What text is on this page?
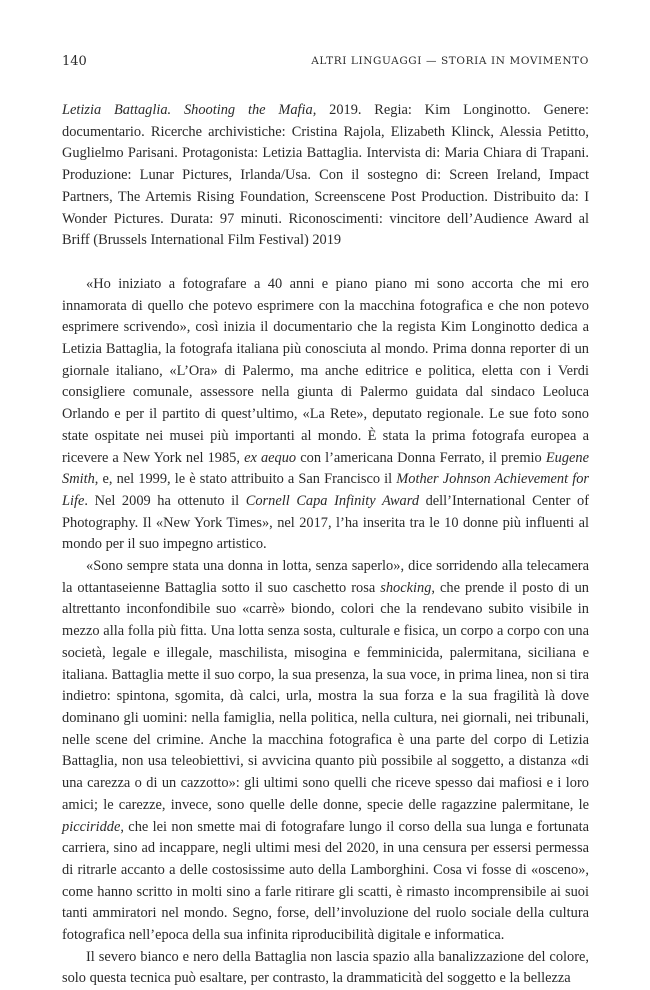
140	ALTRI LINGUAGGI — STORIA IN MOVIMENTO

Letizia Battaglia. Shooting the Mafia, 2019. Regia: Kim Longinotto. Genere: documentario. Ricerche archivistiche: Cristina Rajola, Elizabeth Klinck, Alessia Petitto, Guglielmo Parisani. Protagonista: Letizia Battaglia. Intervista di: Maria Chiara di Trapani. Produzione: Lunar Pictures, Irlanda/Usa. Con il sostegno di: Screen Ireland, Impact Partners, The Artemis Rising Foundation, Screenscene Post Production. Distribuito da: I Wonder Pictures. Durata: 97 minuti. Riconoscimenti: vincitore dell’Audience Award al Briff (Brussels International Film Festival) 2019

«Ho iniziato a fotografare a 40 anni e piano piano mi sono accorta che mi ero innamorata di quello che potevo esprimere con la macchina fotografica e che non potevo esprimere scrivendo», così inizia il documentario che la regista Kim Longinotto dedica a Letizia Battaglia, la fotografa italiana più conosciuta al mondo. Prima donna reporter di un giornale italiano, «L’Ora» di Palermo, ma anche editrice e politica, eletta con i Verdi consigliere comunale, assessore nella giunta di Palermo guidata dal sindaco Leoluca Orlando e per il partito di quest’ultimo, «La Rete», deputato regionale. Le sue foto sono state ospitate nei musei più importanti al mondo. È stata la prima fotografa europea a ricevere a New York nel 1985, ex aequo con l’americana Donna Ferrato, il premio Eugene Smith, e, nel 1999, le è stato attribuito a San Francisco il Mother Johnson Achievement for Life. Nel 2009 ha ottenuto il Cornell Capa Infinity Award dell’International Center of Photography. Il «New York Times», nel 2017, l’ha inserita tra le 10 donne più influenti al mondo per il suo impegno artistico.

«Sono sempre stata una donna in lotta, senza saperlo», dice sorridendo alla telecamera la ottantaseienne Battaglia sotto il suo caschetto rosa shocking, che prende il posto di un altrettanto inconfondibile suo «carrè» biondo, colori che la rendevano subito visibile in mezzo alla folla più fitta. Una lotta senza sosta, culturale e fisica, un corpo a corpo con una società, legale e illegale, maschilista, misogina e femminicida, palermitana, siciliana e italiana. Battaglia mette il suo corpo, la sua presenza, la sua voce, in prima linea, non si tira indietro: spintona, sgomita, dà calci, urla, mostra la sua forza e la sua fragilità là dove dominano gli uomini: nella famiglia, nella politica, nella cultura, nei giornali, nei tribunali, nelle scene del crimine. Anche la macchina fotografica è una parte del corpo di Letizia Battaglia, non usa teleobiettivi, si avvicina quanto più possibile al soggetto, a distanza «di una carezza o di un cazzotto»: gli ultimi sono quelli che riceve spesso dai mafiosi e i loro amici; le carezze, invece, sono quelle delle donne, specie delle ragazzine palermitane, le picciridde, che lei non smette mai di fotografare lungo il corso della sua lunga e fortunata carriera, sino ad incappare, negli ultimi mesi del 2020, in una censura per essersi permessa di ritrarle accanto a delle costosissime auto della Lamborghini. Cosa vi fosse di «osceno», come hanno scritto in molti sino a farle ritirare gli scatti, è rimasto incomprensibile ai suoi tanti ammiratori nel mondo. Segno, forse, dell’involuzione del ruolo sociale della cultura fotografica nell’epoca della sua infinita riproducibilità digitale e informatica.

Il severo bianco e nero della Battaglia non lascia spazio alla banalizzazione del colore, solo questa tecnica può esaltare, per contrasto, la drammaticità del soggetto e la bellezza
